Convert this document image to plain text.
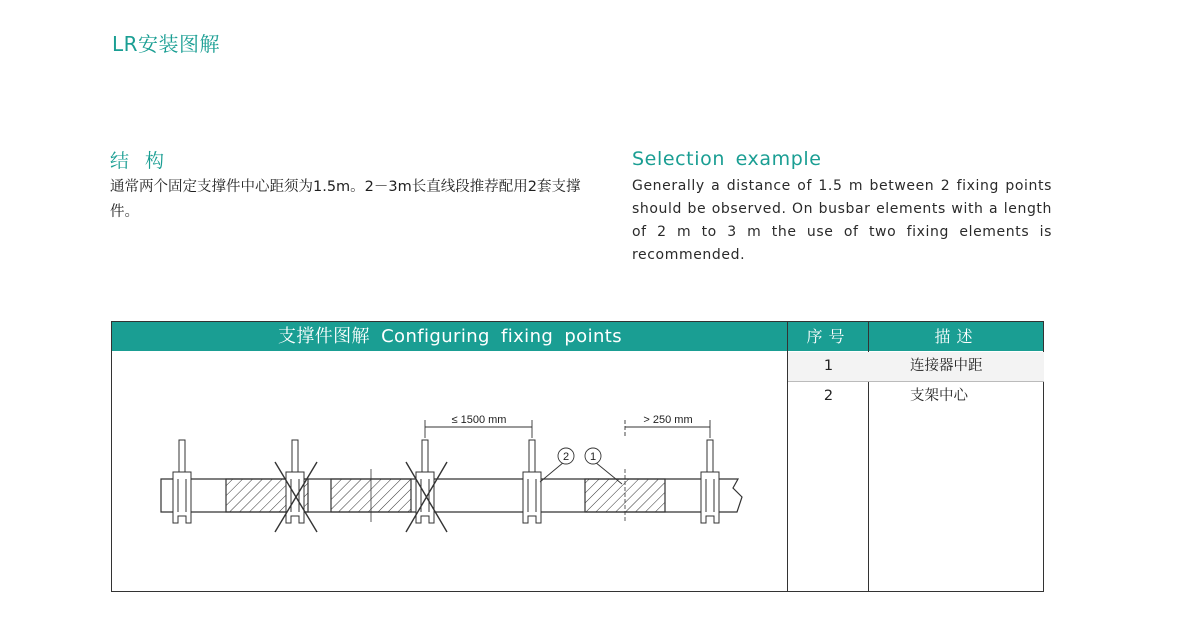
LR安装图解
结 构
通常两个固定支撑件中心距须为1.5m。2－3m长直线段推荐配用2套支撑件。
Selection example
Generally a distance of 1.5 m between 2 fixing points should be observed. On busbar elements with a length of 2 m to 3 m the use of two fixing elements is recommended.
支撑件图解 Configuring fixing points	序号	描述
1	连接器中距
2	支架中心
≤ 1500 mm	> 250 mm
2 1
